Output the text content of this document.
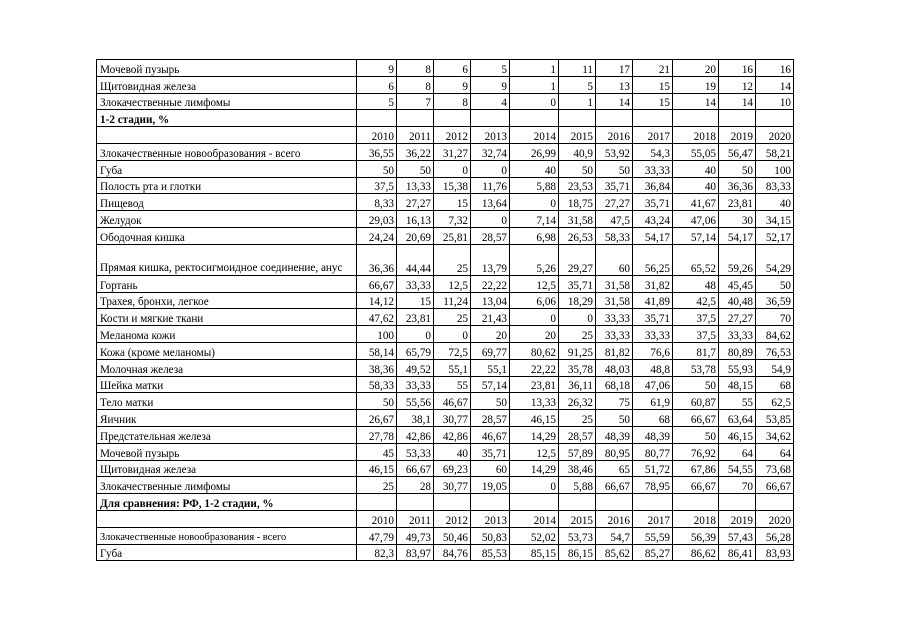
Мочевой пузырь	9	8	6	5	1	11	17	21	20	16	16
Щитовидная железа	6	8	9	9	1	5	13	15	19	12	14
Злокачественные лимфомы	5	7	8	4	0	1	14	15	14	14	10
1-2 стадии, %											
	2010	2011	2012	2013	2014	2015	2016	2017	2018	2019	2020
Злокачественные новообразования - всего	36,55	36,22	31,27	32,74	26,99	40,9	53,92	54,3	55,05	56,47	58,21
Губа	50	50	0	0	40	50	50	33,33	40	50	100
Полость рта и глотки	37,5	13,33	15,38	11,76	5,88	23,53	35,71	36,84	40	36,36	83,33
Пищевод	8,33	27,27	15	13,64	0	18,75	27,27	35,71	41,67	23,81	40
Желудок	29,03	16,13	7,32	0	7,14	31,58	47,5	43,24	47,06	30	34,15
Ободочная кишка	24,24	20,69	25,81	28,57	6,98	26,53	58,33	54,17	57,14	54,17	52,17
Прямая кишка, ректосигмоидное соединение, анус	36,36	44,44	25	13,79	5,26	29,27	60	56,25	65,52	59,26	54,29
Гортань	66,67	33,33	12,5	22,22	12,5	35,71	31,58	31,82	48	45,45	50
Трахея, бронхи, легкое	14,12	15	11,24	13,04	6,06	18,29	31,58	41,89	42,5	40,48	36,59
Кости и мягкие ткани	47,62	23,81	25	21,43	0	0	33,33	35,71	37,5	27,27	70
Меланома кожи	100	0	0	20	20	25	33,33	33,33	37,5	33,33	84,62
Кожа (кроме меланомы)	58,14	65,79	72,5	69,77	80,62	91,25	81,82	76,6	81,7	80,89	76,53
Молочная железа	38,36	49,52	55,1	55,1	22,22	35,78	48,03	48,8	53,78	55,93	54,9
Шейка матки	58,33	33,33	55	57,14	23,81	36,11	68,18	47,06	50	48,15	68
Тело матки	50	55,56	46,67	50	13,33	26,32	75	61,9	60,87	55	62,5
Яичник	26,67	38,1	30,77	28,57	46,15	25	50	68	66,67	63,64	53,85
Предстательная железа	27,78	42,86	42,86	46,67	14,29	28,57	48,39	48,39	50	46,15	34,62
Мочевой пузырь	45	53,33	40	35,71	12,5	57,89	80,95	80,77	76,92	64	64
Щитовидная железа	46,15	66,67	69,23	60	14,29	38,46	65	51,72	67,86	54,55	73,68
Злокачественные лимфомы	25	28	30,77	19,05	0	5,88	66,67	78,95	66,67	70	66,67
Для сравнения: РФ, 1-2 стадии, %											
	2010	2011	2012	2013	2014	2015	2016	2017	2018	2019	2020
Злокачественные новообразования - всего	47,79	49,73	50,46	50,83	52,02	53,73	54,7	55,59	56,39	57,43	56,28
Губа	82,3	83,97	84,76	85,53	85,15	86,15	85,62	85,27	86,62	86,41	83,93
